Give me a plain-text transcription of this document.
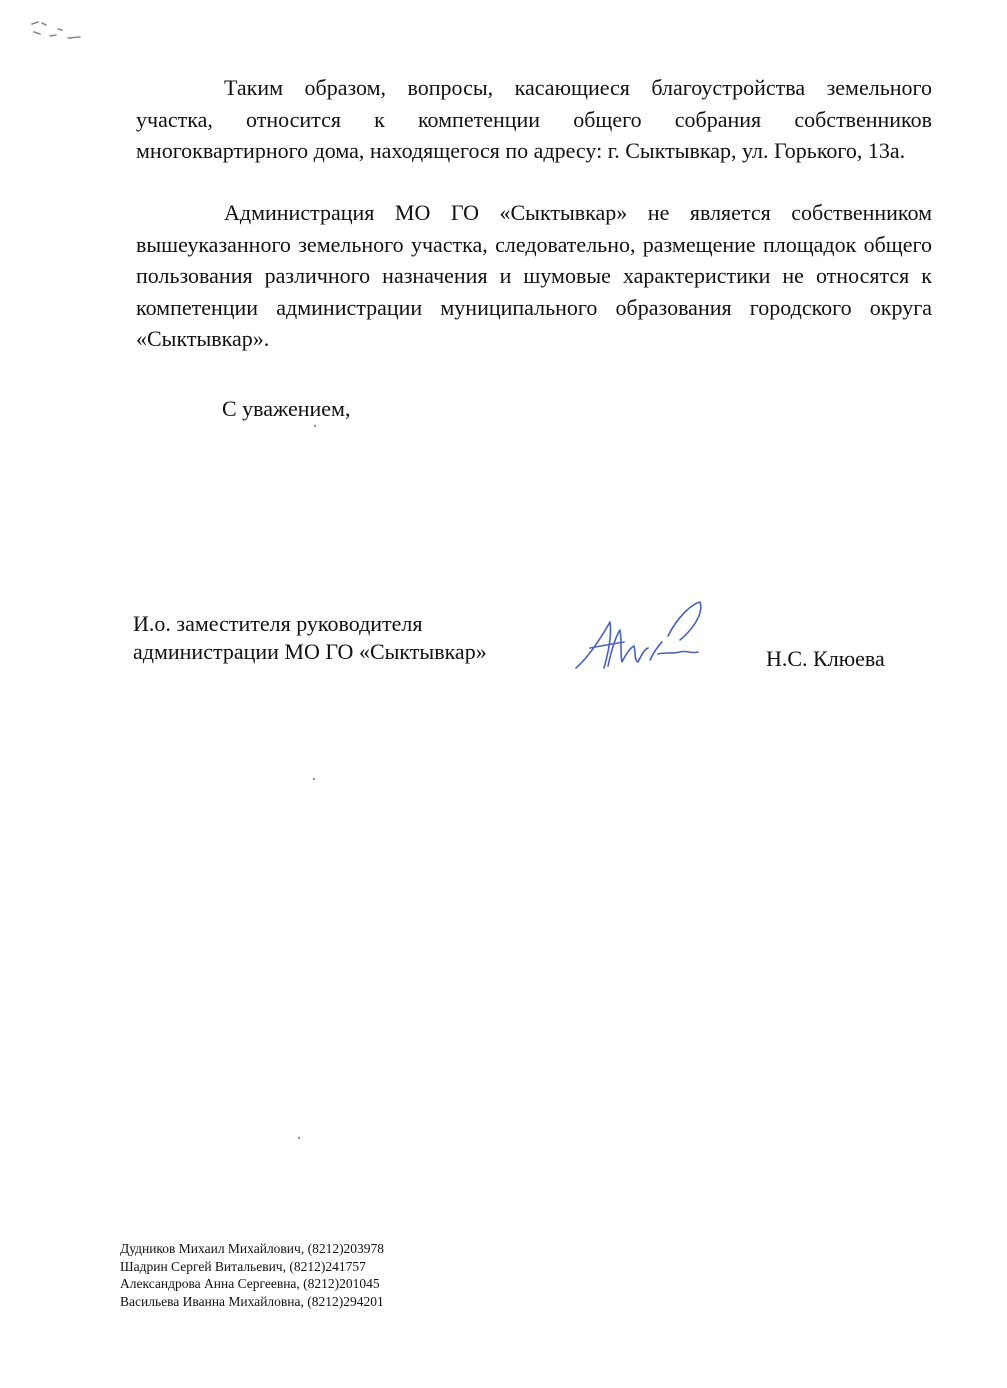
Таким образом, вопросы, касающиеся благоустройства земельного участка, относится к компетенции общего собрания собственников многоквартирного дома, находящегося по адресу: г. Сыктывкар, ул. Горького, 13а.

Администрация МО ГО «Сыктывкар» не является собственником вышеуказанного земельного участка, следовательно, размещение площадок общего пользования различного назначения и шумовые характеристики не относятся к компетенции администрации муниципального образования городского округа «Сыктывкар».

С уважением,

И.о. заместителя руководителя
администрации МО ГО «Сыктывкар»	Н.С. Клюева
Дудников Михаил Михайлович, (8212)203978
Шадрин Сергей Витальевич, (8212)241757
Александрова Анна Сергеевна, (8212)201045
Васильева Иванна Михайловна, (8212)294201
